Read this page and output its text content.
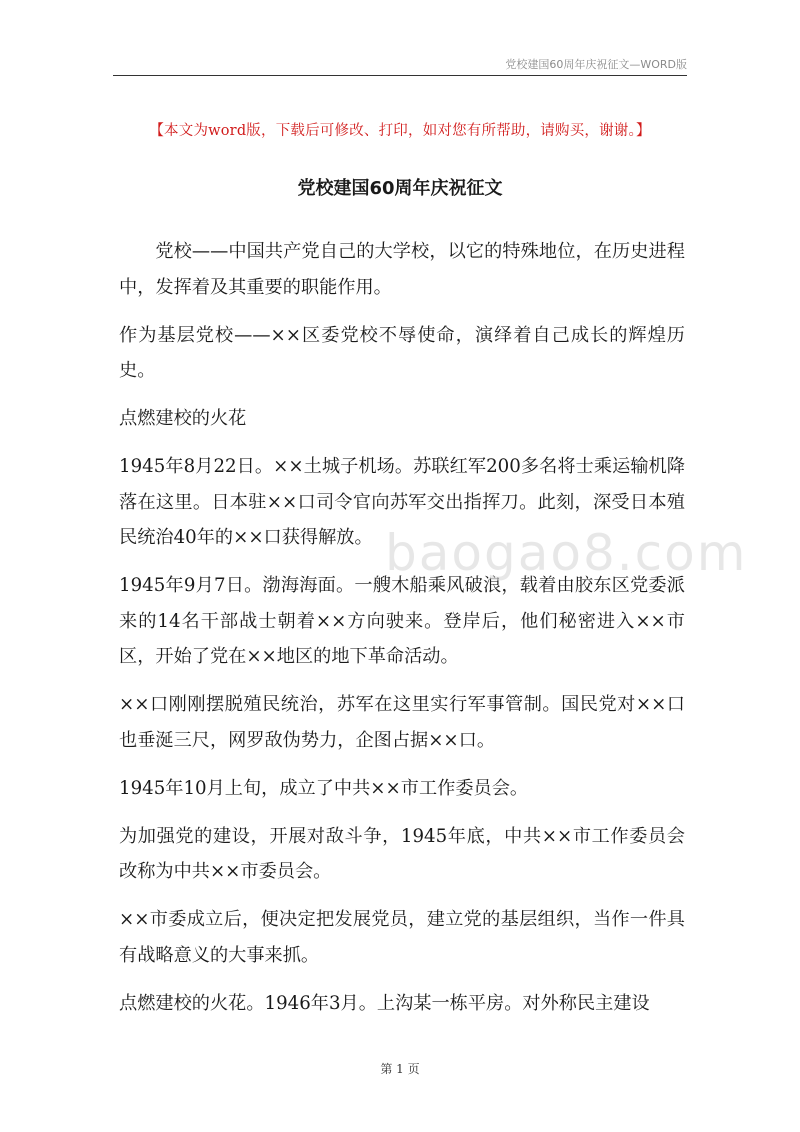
党校建国60周年庆祝征文—WORD版
【本文为word版，下载后可修改、打印，如对您有所帮助，请购买，谢谢。】
党校建国60周年庆祝征文

党校——中国共产党自己的大学校，以它的特殊地位，在历史进程中，发挥着及其重要的职能作用。

作为基层党校——××区委党校不辱使命，演绎着自己成长的辉煌历史。

点燃建校的火花

1945年8月22日。××土城子机场。苏联红军200多名将士乘运输机降落在这里。日本驻××口司令官向苏军交出指挥刀。此刻，深受日本殖民统治40年的××口获得解放。

1945年9月7日。渤海海面。一艘木船乘风破浪，载着由胶东区党委派来的14名干部战士朝着××方向驶来。登岸后，他们秘密进入××市区，开始了党在××地区的地下革命活动。

××口刚刚摆脱殖民统治，苏军在这里实行军事管制。国民党对××口也垂涎三尺，网罗敌伪势力，企图占据××口。

1945年10月上旬，成立了中共××市工作委员会。

为加强党的建设，开展对敌斗争，1945年底，中共××市工作委员会改称为中共××市委员会。

××市委成立后，便决定把发展党员，建立党的基层组织，当作一件具有战略意义的大事来抓。

点燃建校的火花。1946年3月。上沟某一栋平房。对外称民主建设

baogao8.com
第 1 页
